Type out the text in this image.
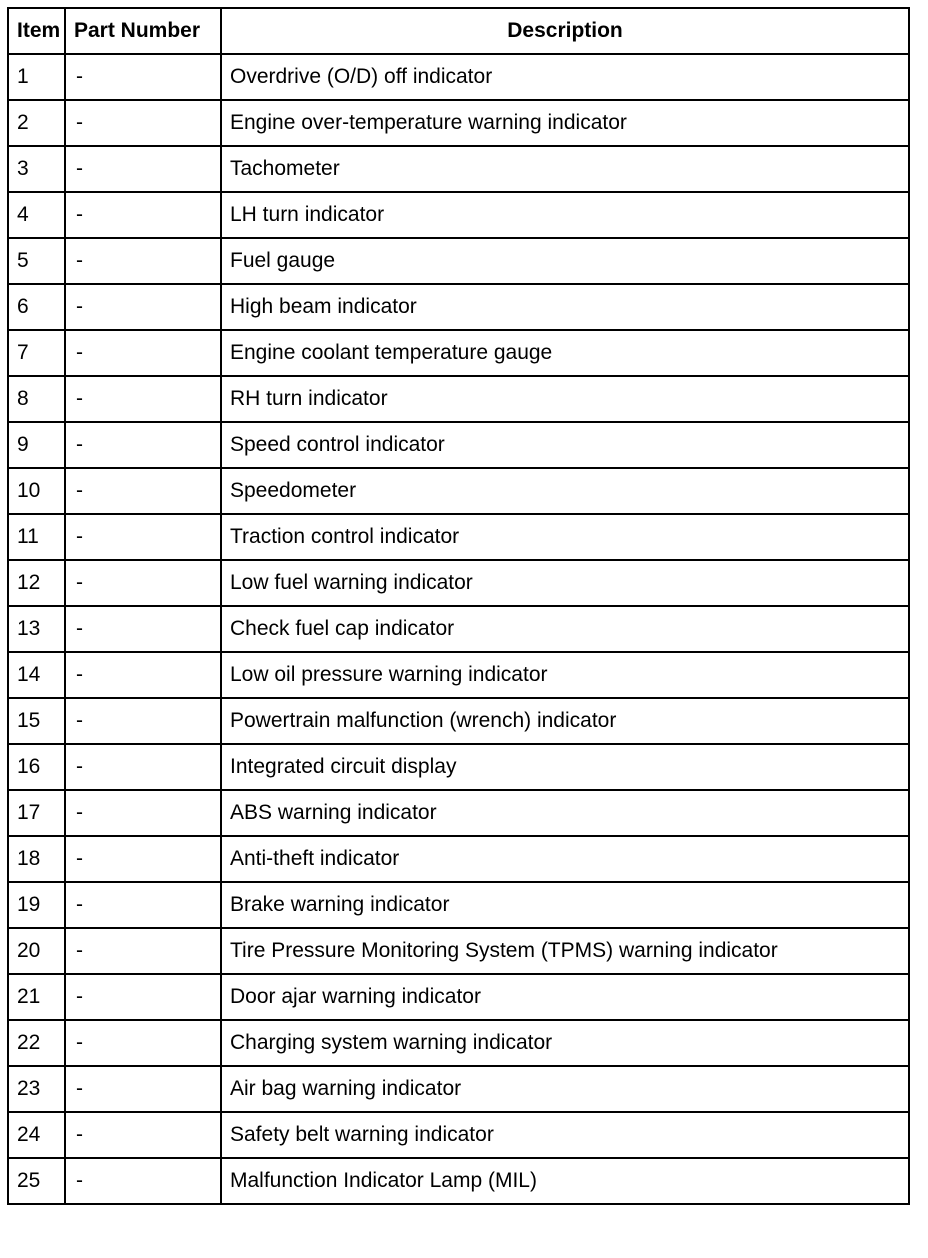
Item	Part Number	Description
1	-	Overdrive (O/D) off indicator
2	-	Engine over-temperature warning indicator
3	-	Tachometer
4	-	LH turn indicator
5	-	Fuel gauge
6	-	High beam indicator
7	-	Engine coolant temperature gauge
8	-	RH turn indicator
9	-	Speed control indicator
10	-	Speedometer
11	-	Traction control indicator
12	-	Low fuel warning indicator
13	-	Check fuel cap indicator
14	-	Low oil pressure warning indicator
15	-	Powertrain malfunction (wrench) indicator
16	-	Integrated circuit display
17	-	ABS warning indicator
18	-	Anti-theft indicator
19	-	Brake warning indicator
20	-	Tire Pressure Monitoring System (TPMS) warning indicator
21	-	Door ajar warning indicator
22	-	Charging system warning indicator
23	-	Air bag warning indicator
24	-	Safety belt warning indicator
25	-	Malfunction Indicator Lamp (MIL)
